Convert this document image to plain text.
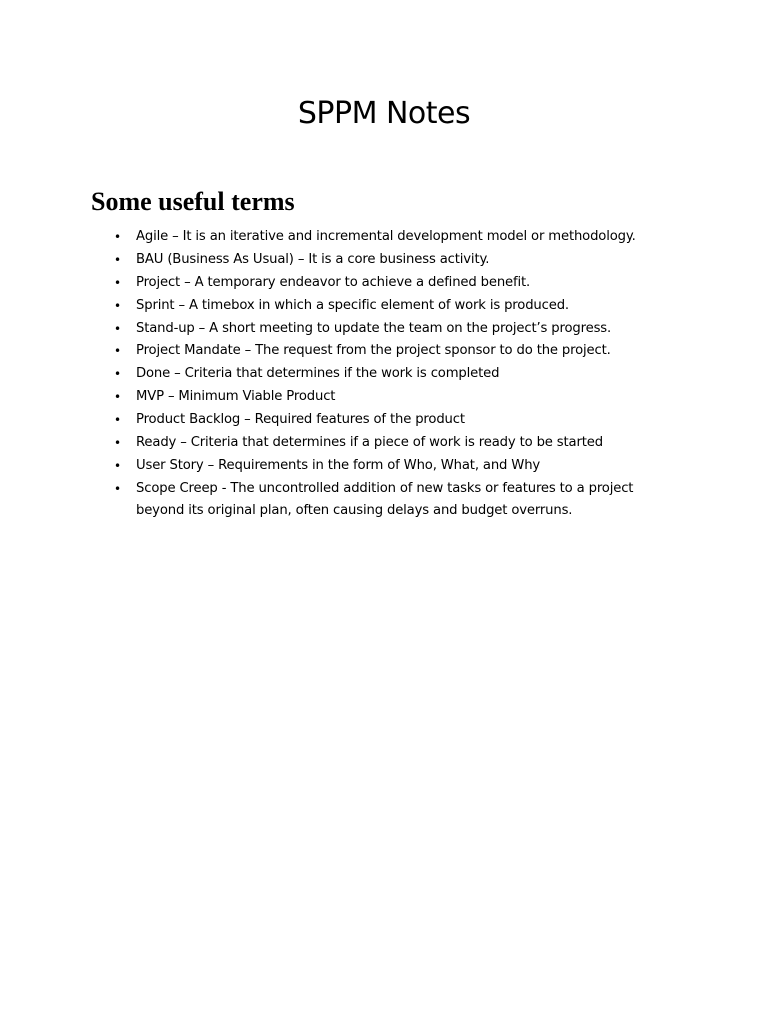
SPPM Notes
Some useful terms
• Agile – It is an iterative and incremental development model or methodology.
• BAU (Business As Usual) – It is a core business activity.
• Project – A temporary endeavor to achieve a defined benefit.
• Sprint – A timebox in which a specific element of work is produced.
• Stand-up – A short meeting to update the team on the project’s progress.
• Project Mandate – The request from the project sponsor to do the project.
• Done – Criteria that determines if the work is completed
• MVP – Minimum Viable Product
• Product Backlog – Required features of the product
• Ready – Criteria that determines if a piece of work is ready to be started
• User Story – Requirements in the form of Who, What, and Why
• Scope Creep - The uncontrolled addition of new tasks or features to a project beyond its original plan, often causing delays and budget overruns.
